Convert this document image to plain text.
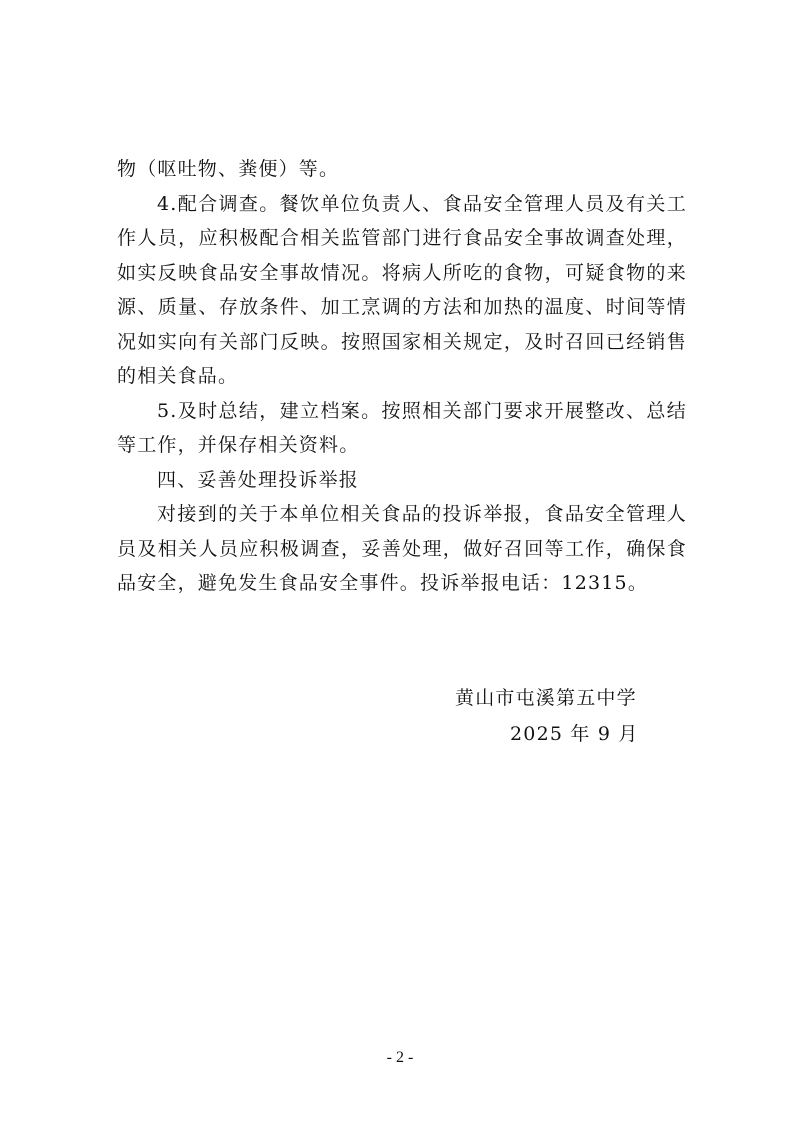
物（呕吐物、粪便）等。

4.配合调查。餐饮单位负责人、食品安全管理人员及有关工作人员，应积极配合相关监管部门进行食品安全事故调查处理，如实反映食品安全事故情况。将病人所吃的食物，可疑食物的来源、质量、存放条件、加工烹调的方法和加热的温度、时间等情况如实向有关部门反映。按照国家相关规定，及时召回已经销售的相关食品。

5.及时总结，建立档案。按照相关部门要求开展整改、总结等工作，并保存相关资料。

四、妥善处理投诉举报

对接到的关于本单位相关食品的投诉举报，食品安全管理人员及相关人员应积极调查，妥善处理，做好召回等工作，确保食品安全，避免发生食品安全事件。投诉举报电话：12315。

黄山市屯溪第五中学
2025 年 9 月
- 2 -
